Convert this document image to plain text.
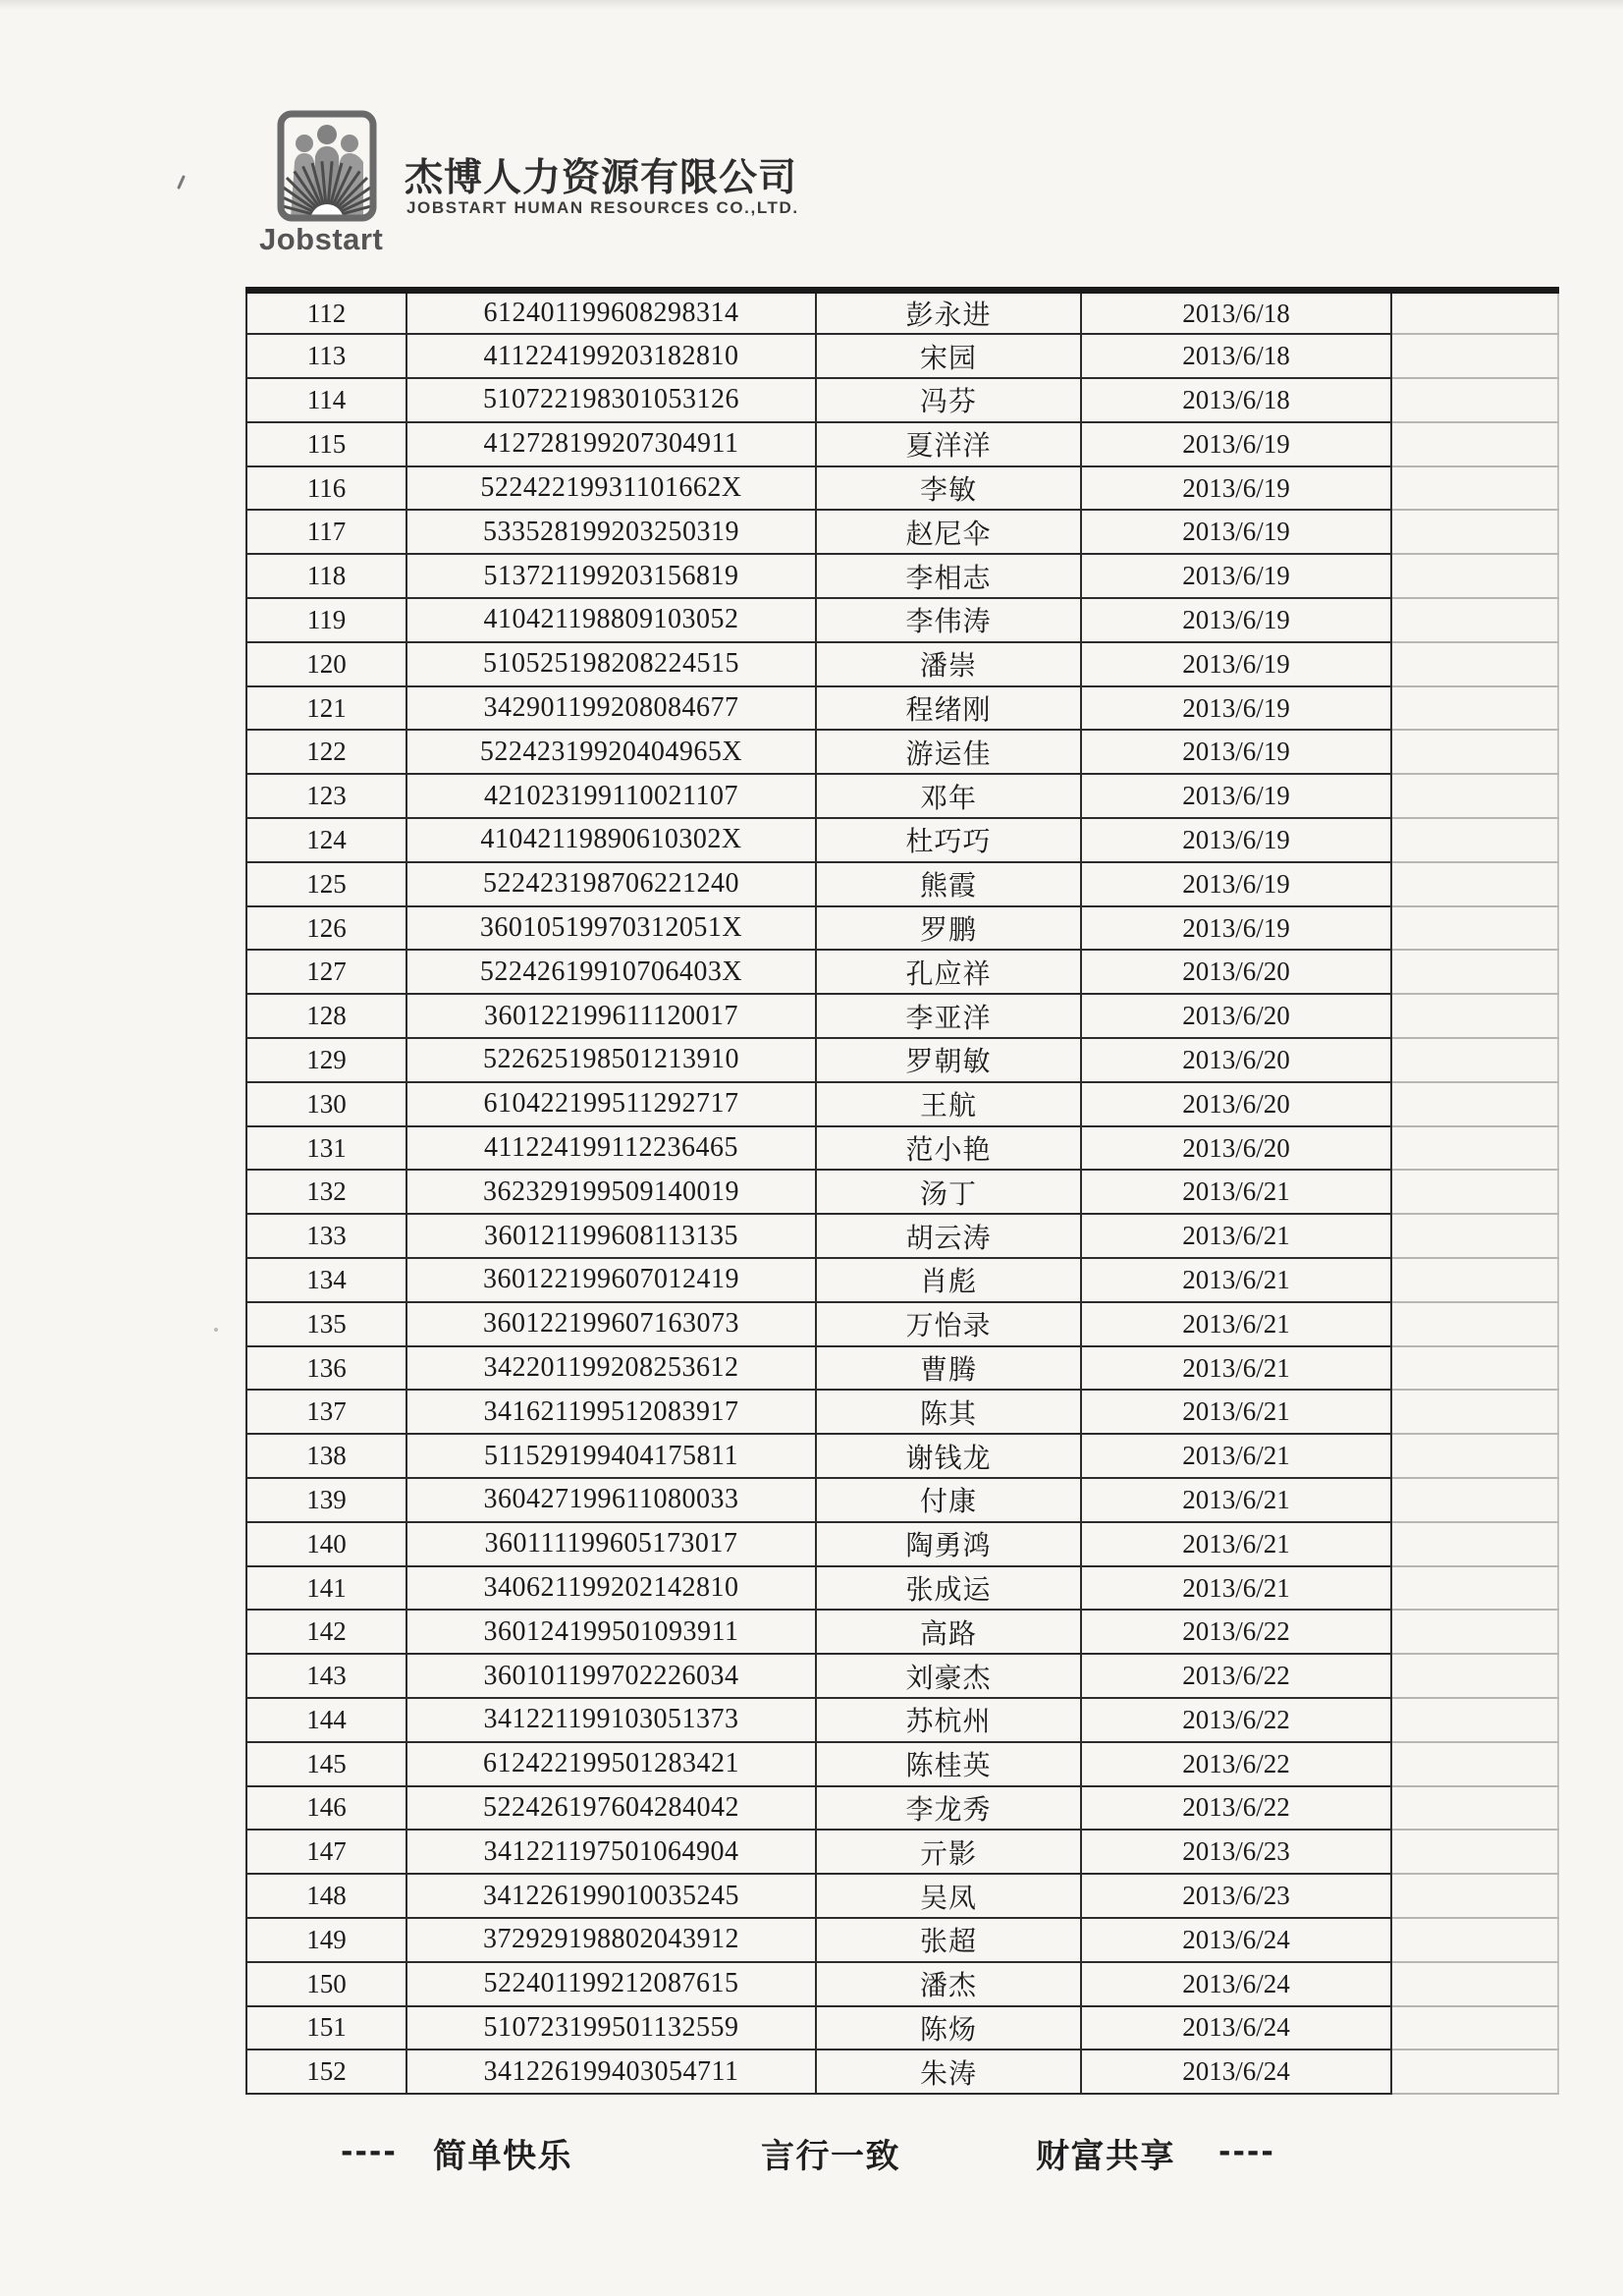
Jobstart
杰博人力资源有限公司
JOBSTART HUMAN RESOURCES CO.,LTD.
112	612401199608298314	彭永进	2013/6/18	
113	411224199203182810	宋园	2013/6/18	
114	510722198301053126	冯芬	2013/6/18	
115	412728199207304911	夏洋洋	2013/6/19	
116	52242219931101662X	李敏	2013/6/19	
117	533528199203250319	赵尼伞	2013/6/19	
118	513721199203156819	李相志	2013/6/19	
119	410421198809103052	李伟涛	2013/6/19	
120	510525198208224515	潘崇	2013/6/19	
121	342901199208084677	程绪刚	2013/6/19	
122	52242319920404965X	游运佳	2013/6/19	
123	421023199110021107	邓年	2013/6/19	
124	41042119890610302X	杜巧巧	2013/6/19	
125	522423198706221240	熊霞	2013/6/19	
126	36010519970312051X	罗鹏	2013/6/19	
127	52242619910706403X	孔应祥	2013/6/20	
128	360122199611120017	李亚洋	2013/6/20	
129	522625198501213910	罗朝敏	2013/6/20	
130	610422199511292717	王航	2013/6/20	
131	411224199112236465	范小艳	2013/6/20	
132	362329199509140019	汤丁	2013/6/21	
133	360121199608113135	胡云涛	2013/6/21	
134	360122199607012419	肖彪	2013/6/21	
135	360122199607163073	万怡录	2013/6/21	
136	342201199208253612	曹腾	2013/6/21	
137	341621199512083917	陈其	2013/6/21	
138	511529199404175811	谢钱龙	2013/6/21	
139	360427199611080033	付康	2013/6/21	
140	360111199605173017	陶勇鸿	2013/6/21	
141	340621199202142810	张成运	2013/6/21	
142	360124199501093911	高路	2013/6/22	
143	360101199702226034	刘豪杰	2013/6/22	
144	341221199103051373	苏杭州	2013/6/22	
145	612422199501283421	陈桂英	2013/6/22	
146	522426197604284042	李龙秀	2013/6/22	
147	341221197501064904	亓影	2013/6/23	
148	341226199010035245	吴凤	2013/6/23	
149	372929198802043912	张超	2013/6/24	
150	522401199212087615	潘杰	2013/6/24	
151	510723199501132559	陈炀	2013/6/24	
152	341226199403054711	朱涛	2013/6/24	
---- 简单快乐	言行一致	财富共享 ----
